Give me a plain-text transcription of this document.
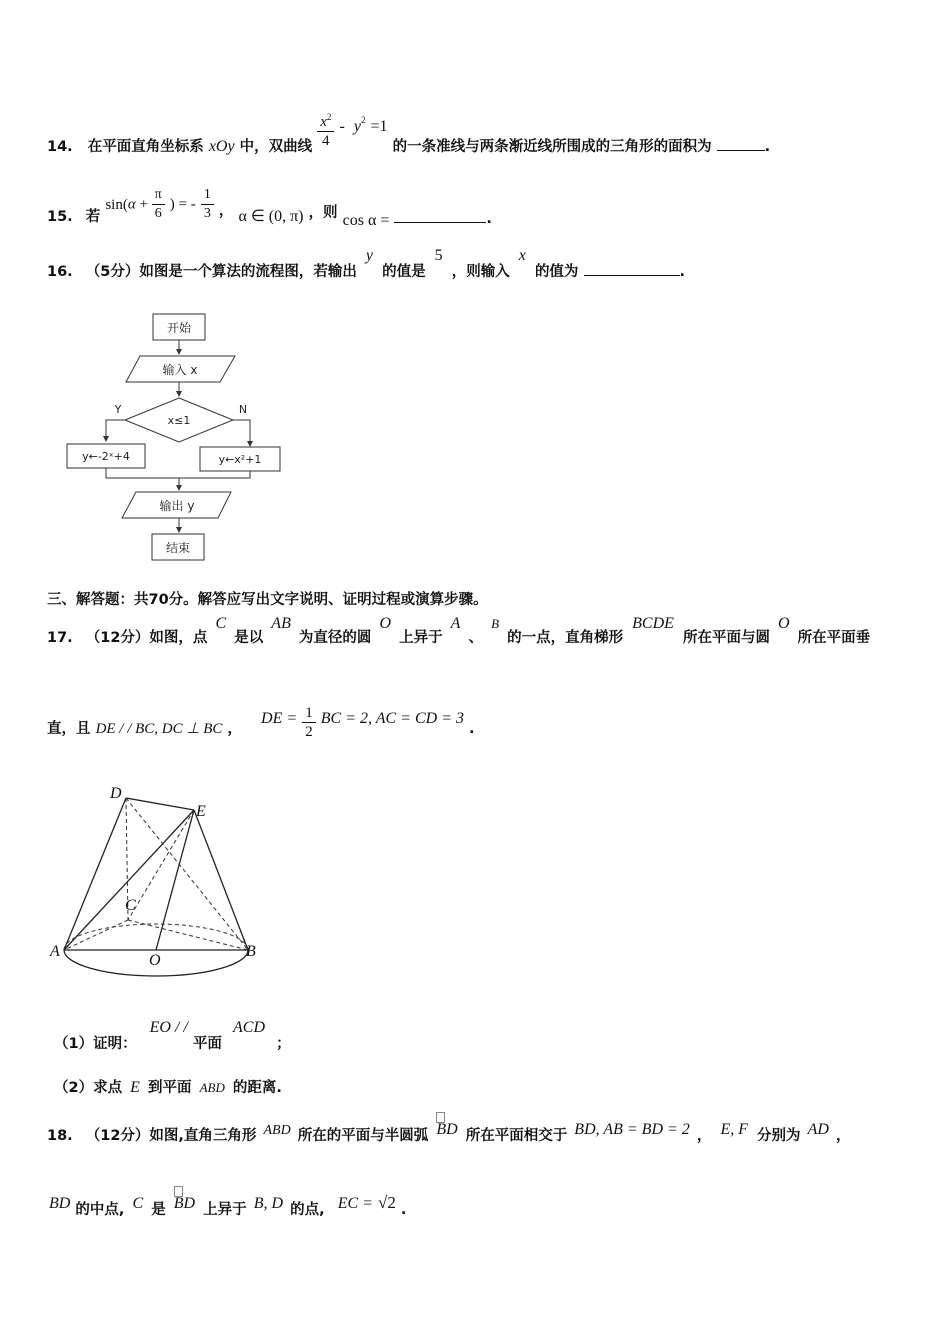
14. 在平面直角坐标系 xOy 中，双曲线 $\frac{x^2}{4} - y^2 =1$ 的一条准线与两条渐近线所围成的三角形的面积为	.
15. 若 $\sin(\alpha + \frac{\pi}{6}$ ) = - $\frac{1}{3}$ ， α ∈ (0, π) ，则 cos α =	.
16. （5分）如图是一个算法的流程图，若输出 y 的值是 5 ，则输入 x 的值为	.
开始
输入 x
x≤1
Y	N
y←-2ˣ+4	y←x²+1
输出 y
结束
三、解答题：共70分。解答应写出文字说明、证明过程或演算步骤。
17. （12分）如图，点 C 是以 AB 为直径的圆 O 上异于 A 、 B 的一点，直角梯形 BCDE 所在平面与圆 O 所在平面垂
直，且 DE / / BC, DC ⊥ BC ， DE = $\frac{1}{2}$ BC = 2, AC = CD = 3 .
D
E
C
A
O
B
（1）证明： EO / / 平面 ACD ；
（2）求点 E 到平面 ABD 的距离.
18. （12分）如图,直角三角形 ABD 所在的平面与半圆弧 BD 所在平面相交于 BD, AB = BD = 2 ， E, F 分别为 AD ，
BD 的中点, C 是 BD 上异于 B, D 的点, EC = √2 .
